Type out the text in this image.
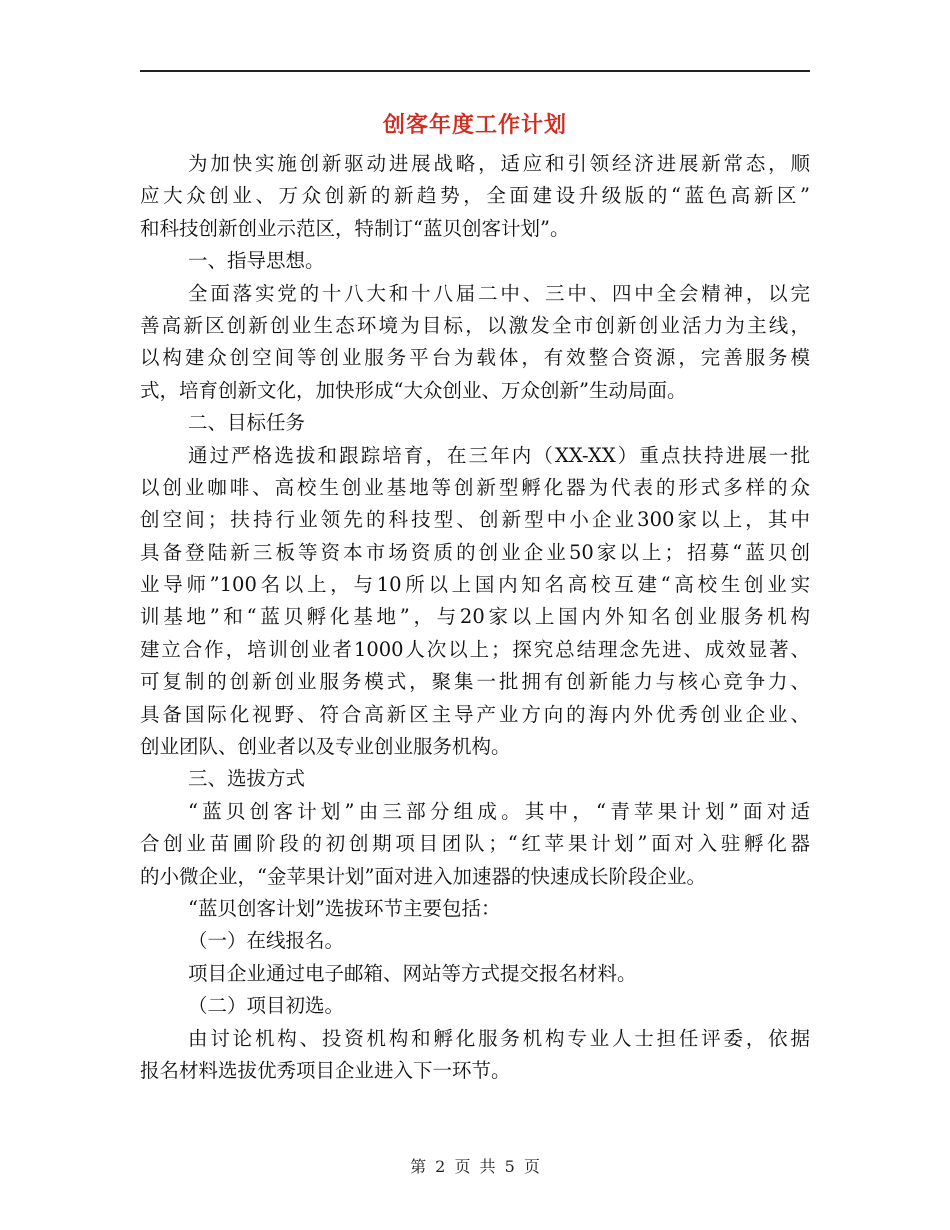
创客年度工作计划
为加快实施创新驱动进展战略，适应和引领经济进展新常态，顺
应大众创业、万众创新的新趋势，全面建设升级版的“蓝色高新区”
和科技创新创业示范区，特制订“蓝贝创客计划”。
一、指导思想。
全面落实党的十八大和十八届二中、三中、四中全会精神，以完
善高新区创新创业生态环境为目标，以激发全市创新创业活力为主线，
以构建众创空间等创业服务平台为载体，有效整合资源，完善服务模
式，培育创新文化，加快形成“大众创业、万众创新”生动局面。
二、目标任务
通过严格选拔和跟踪培育，在三年内（XX-XX）重点扶持进展一批
以创业咖啡、高校生创业基地等创新型孵化器为代表的形式多样的众
创空间；扶持行业领先的科技型、创新型中小企业300家以上，其中
具备登陆新三板等资本市场资质的创业企业50家以上；招募“蓝贝创
业导师”100名以上，与10所以上国内知名高校互建“高校生创业实
训基地”和“蓝贝孵化基地”，与20家以上国内外知名创业服务机构
建立合作，培训创业者1000人次以上；探究总结理念先进、成效显著、
可复制的创新创业服务模式，聚集一批拥有创新能力与核心竞争力、
具备国际化视野、符合高新区主导产业方向的海内外优秀创业企业、
创业团队、创业者以及专业创业服务机构。
三、选拔方式
“蓝贝创客计划”由三部分组成。其中，“青苹果计划”面对适
合创业苗圃阶段的初创期项目团队；“红苹果计划”面对入驻孵化器
的小微企业，“金苹果计划”面对进入加速器的快速成长阶段企业。
“蓝贝创客计划”选拔环节主要包括：
（一）在线报名。
项目企业通过电子邮箱、网站等方式提交报名材料。
（二）项目初选。
由讨论机构、投资机构和孵化服务机构专业人士担任评委，依据
报名材料选拔优秀项目企业进入下一环节。
第 2 页 共 5 页
